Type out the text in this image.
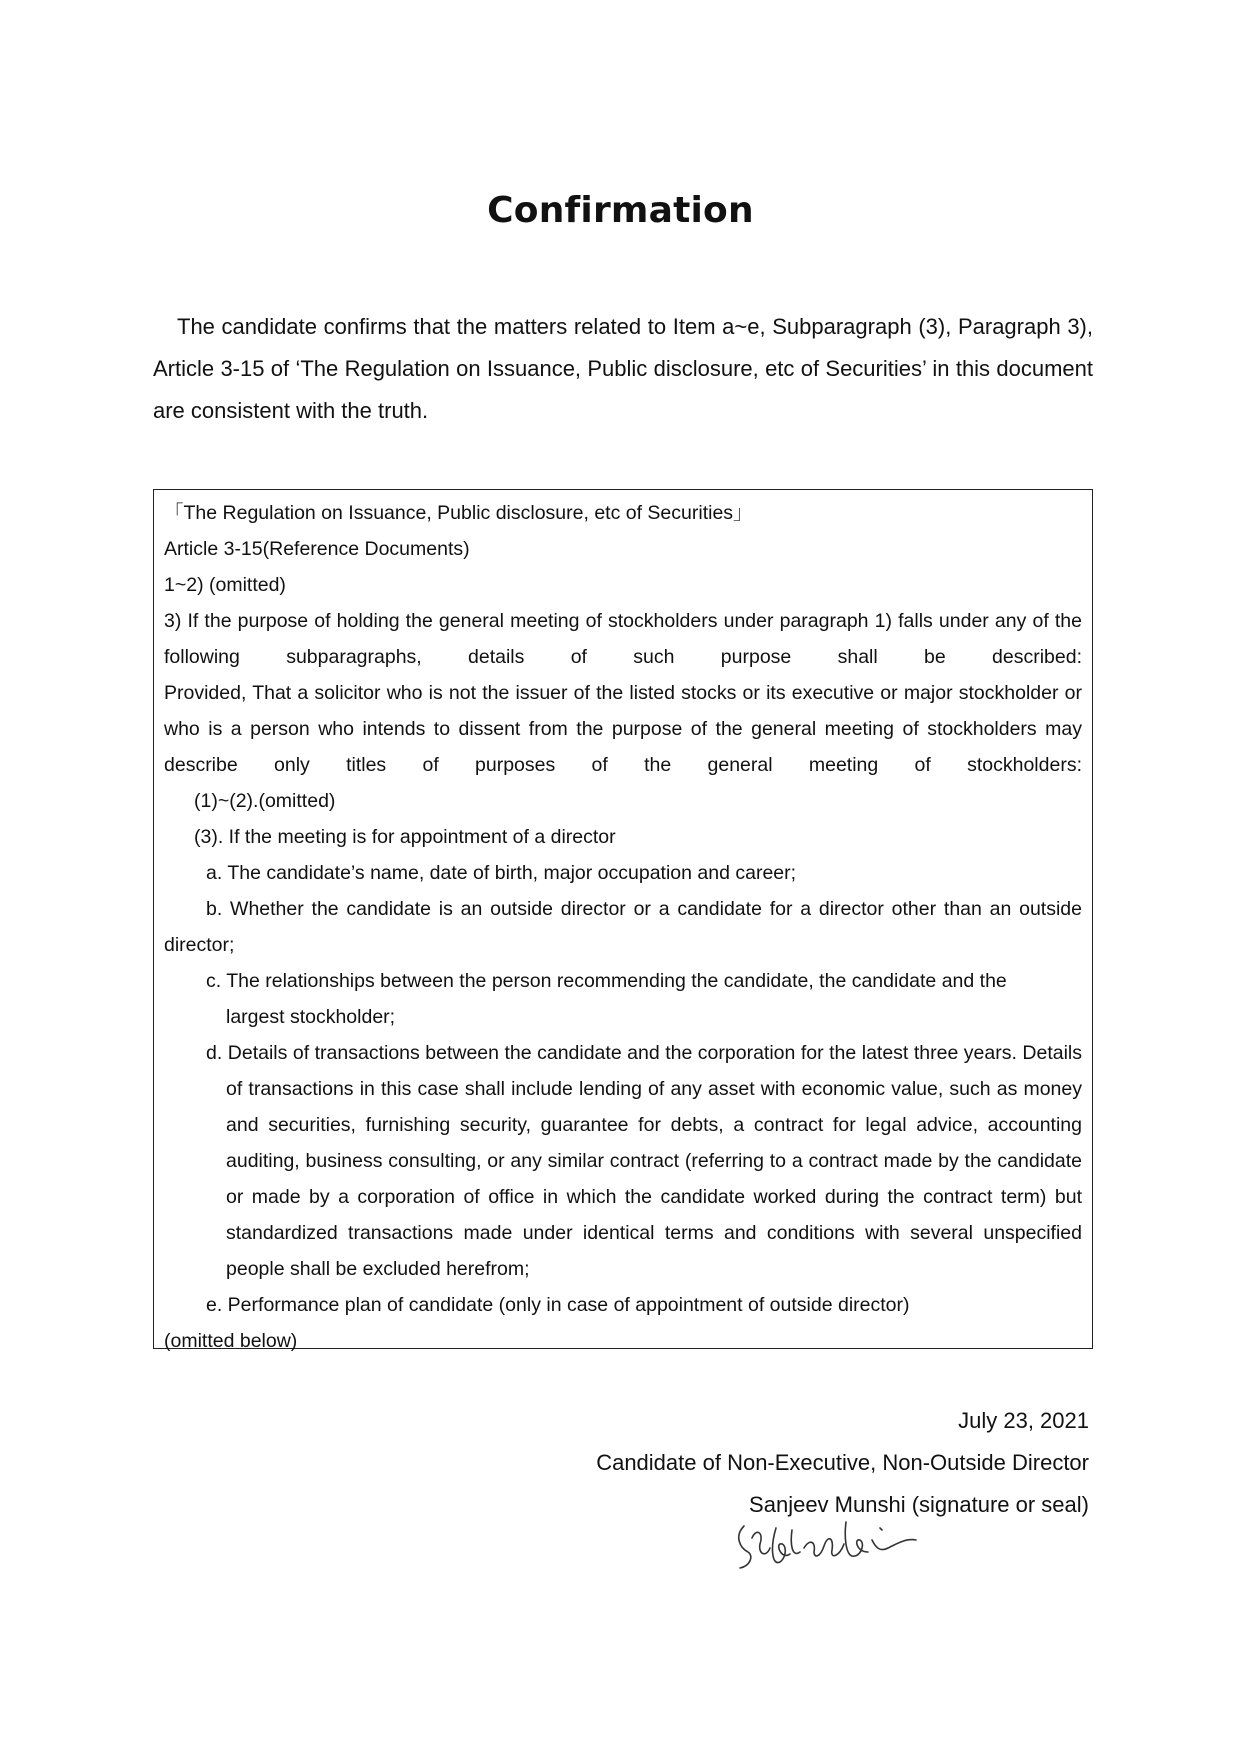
Confirmation
The candidate confirms that the matters related to Item a~e, Subparagraph (3), Paragraph 3), Article 3-15 of ‘The Regulation on Issuance, Public disclosure, etc of Securities’ in this document are consistent with the truth.
「The Regulation on Issuance, Public disclosure, etc of Securities」
Article 3-15(Reference Documents)
1~2) (omitted)
3) If the purpose of holding the general meeting of stockholders under paragraph 1) falls under any of the following subparagraphs, details of such purpose shall be described:
Provided, That a solicitor who is not the issuer of the listed stocks or its executive or major stockholder or who is a person who intends to dissent from the purpose of the general meeting of stockholders may describe only titles of purposes of the general meeting of stockholders:
(1)~(2).(omitted)
(3). If the meeting is for appointment of a director
a. The candidate’s name, date of birth, major occupation and career;
b. Whether the candidate is an outside director or a candidate for a director other than an outside director;
c. The relationships between the person recommending the candidate, the candidate and the largest stockholder;
d. Details of transactions between the candidate and the corporation for the latest three years. Details of transactions in this case shall include lending of any asset with economic value, such as money and securities, furnishing security, guarantee for debts, a contract for legal advice, accounting auditing, business consulting, or any similar contract (referring to a contract made by the candidate or made by a corporation of office in which the candidate worked during the contract term) but standardized transactions made under identical terms and conditions with several unspecified people shall be excluded herefrom;
e. Performance plan of candidate (only in case of appointment of outside director)
(omitted below)
July 23, 2021
Candidate of Non-Executive, Non-Outside Director
Sanjeev Munshi (signature or seal)
